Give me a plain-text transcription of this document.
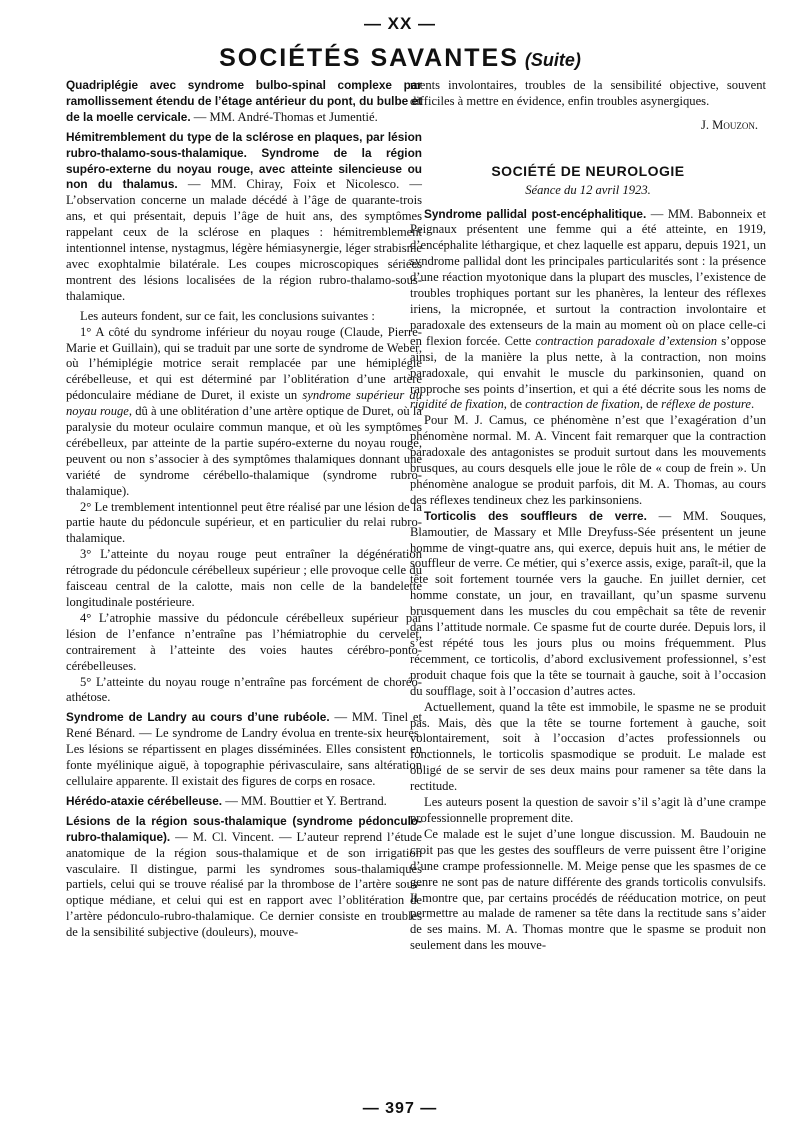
— XX —
SOCIÉTÉS SAVANTES (Suite)

Quadriplégie avec syndrome bulbo-spinal complexe par ramollissement étendu de l’étage antérieur du pont, du bulbe et de la moelle cervicale. — MM. André-Thomas et Jumentié.

Hémitremblement du type de la sclérose en plaques, par lésion rubro-thalamo-sous-thalamique. Syndrome de la région supéro-externe du noyau rouge, avec atteinte silencieuse ou non du thalamus. — MM. Chiray, Foix et Nicolesco. — L’observation concerne un malade décédé à l’âge de quarante-trois ans, et qui présentait, depuis l’âge de huit ans, des symptômes rappelant ceux de la sclérose en plaques : hémitremblement intentionnel intense, nystagmus, légère hémiasynergie, léger strabisme avec exophtalmie bilatérale. Les coupes microscopiques sériées montrent des lésions localisées de la région rubro-thalamo-sous-thalamique.

Les auteurs fondent, sur ce fait, les conclusions suivantes :

1° A côté du syndrome inférieur du noyau rouge (Claude, Pierre-Marie et Guillain), qui se traduit par une sorte de syndrome de Weber, où l’hémiplégie motrice serait remplacée par une hémiplégie cérébelleuse, et qui est déterminé par l’oblitération d’une artère pédonculaire médiane de Duret, il existe un syndrome supérieur du noyau rouge, dû à une oblitération d’une artère optique de Duret, où la paralysie du moteur oculaire commun manque, et où les symptômes cérébelleux, par atteinte de la partie supéro-externe du noyau rouge, peuvent ou non s’associer à des symptômes thalamiques donnant une variété de syndrome cérébello-thalamique (syndrome rubro-thalamique).

2° Le tremblement intentionnel peut être réalisé par une lésion de la partie haute du pédoncule supérieur, et en particulier du relai rubro-thalamique.

3° L’atteinte du noyau rouge peut entraîner la dégénération rétrograde du pédoncule cérébelleux supérieur ; elle provoque celle du faisceau central de la calotte, mais non celle de la bandelette longitudinale postérieure.

4° L’atrophie massive du pédoncule cérébelleux supérieur par lésion de l’enfance n’entraîne pas l’hémiatrophie du cervelet, contrairement à l’atteinte des voies hautes cérébro-ponto-cérébelleuses.

5° L’atteinte du noyau rouge n’entraîne pas forcément de choréo-athétose.

Syndrome de Landry au cours d’une rubéole. — MM. Tinel et René Bénard. — Le syndrome de Landry évolua en trente-six heures. Les lésions se répartissent en plages disséminées. Elles consistent en fonte myélinique aiguë, à topographie périvasculaire, sans altération cellulaire apparente. Il existait des figures de corps en rosace.

Hérédo-ataxie cérébelleuse. — MM. Bouttier et Y. Bertrand.

Lésions de la région sous-thalamique (syndrome pédonculo-rubro-thalamique). — M. Cl. Vincent. — L’auteur reprend l’étude anatomique de la région sous-thalamique et de son irrigation vasculaire. Il distingue, parmi les syndromes sous-thalamiques partiels, celui qui se trouve réalisé par la thrombose de l’artère sous-optique médiane, et celui qui est en rapport avec l’oblitération de l’artère pédonculo-rubro-thalamique. Ce dernier consiste en troubles de la sensibilité subjective (douleurs), mouve-

ments involontaires, troubles de la sensibilité objective, souvent difficiles à mettre en évidence, enfin troubles asynergiques.

J. Mouzon.
SOCIÉTÉ DE NEUROLOGIE
Séance du 12 avril 1923.

Syndrome pallidal post-encéphalitique. — MM. Babonneix et Peignaux présentent une femme qui a été atteinte, en 1919, d’encéphalite léthargique, et chez laquelle est apparu, depuis 1921, un syndrome pallidal dont les principales particularités sont : la présence d’une réaction myotonique dans la plupart des muscles, l’existence de troubles trophiques portant sur les phanères, la lenteur des réflexes iriens, la micropnée, et surtout la contraction involontaire et paradoxale des extenseurs de la main au moment où on place celle-ci en flexion forcée. Cette contraction paradoxale d’extension s’oppose ainsi, de la manière la plus nette, à la contraction, non moins paradoxale, qui envahit le muscle du parkinsonien, quand on rapproche ses points d’insertion, et qui a été décrite sous les noms de rigidité de fixation, de contraction de fixation, de réflexe de posture.

Pour M. J. Camus, ce phénomène n’est que l’exagération d’un phénomène normal. M. A. Vincent fait remarquer que la contraction paradoxale des antagonistes se produit surtout dans les mouvements brusques, au cours desquels elle joue le rôle de « coup de frein ». Un phénomène analogue se produit parfois, dit M. A. Thomas, au cours des réflexes tendineux chez les parkinsoniens.

Torticolis des souffleurs de verre. — MM. Souques, Blamoutier, de Massary et Mlle Dreyfuss-Sée présentent un jeune homme de vingt-quatre ans, qui exerce, depuis huit ans, le métier de souffleur de verre. Ce métier, qui s’exerce assis, exige, paraît-il, que la tête soit fortement tournée vers la gauche. En juillet dernier, cet homme constate, un jour, en travaillant, qu’un spasme survenu brusquement dans les muscles du cou empêchait sa tête de revenir dans l’attitude normale. Ce spasme fut de courte durée. Depuis lors, il s’est répété tous les jours plus ou moins fréquemment. Plus récemment, ce torticolis, d’abord exclusivement professionnel, s’est produit chaque fois que la tête se tournait à gauche, soit à l’occasion du soufflage, soit à l’occasion d’autres actes.

Actuellement, quand la tête est immobile, le spasme ne se produit pas. Mais, dès que la tête se tourne fortement à gauche, soit volontairement, soit à l’occasion d’actes professionnels ou fonctionnels, le torticolis spasmodique se produit. Le malade est obligé de se servir de ses deux mains pour ramener sa tête dans la rectitude.

Les auteurs posent la question de savoir s’il s’agit là d’une crampe professionnelle proprement dite.

Ce malade est le sujet d’une longue discussion. M. Baudouin ne croit pas que les gestes des souffleurs de verre puissent être l’origine d’une crampe professionnelle. M. Meige pense que les spasmes de ce genre ne sont pas de nature différente des grands torticolis convulsifs. Il montre que, par certains procédés de rééducation motrice, on peut permettre au malade de ramener sa tête dans la rectitude sans s’aider de ses mains. M. A. Thomas montre que le spasme se produit non seulement dans les mouve-

— 397 —
